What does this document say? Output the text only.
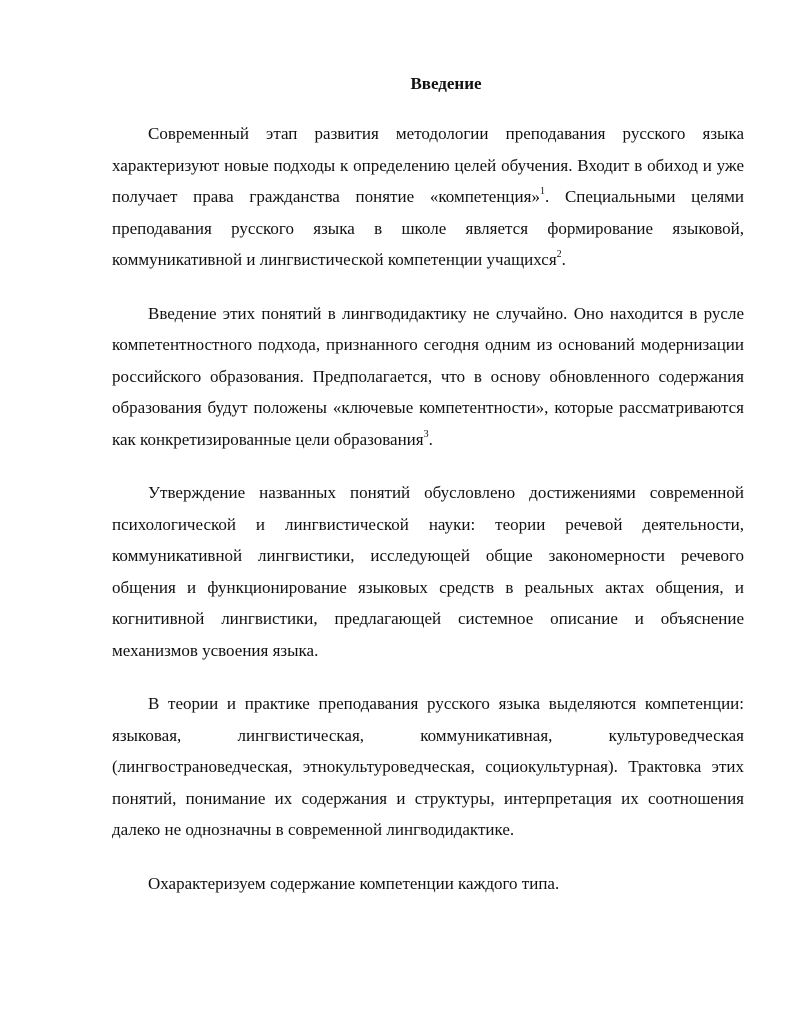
Введение

Современный этап развития методологии преподавания русского языка характеризуют новые подходы к определению целей обучения. Входит в обиход и уже получает права гражданства понятие «компетенция»$^1$. Специальными целями преподавания русского языка в школе является формирование языковой, коммуникативной и лингвистической компетенции учащихся$^2$.

Введение этих понятий в лингводидактику не случайно. Оно находится в русле компетентностного подхода, признанного сегодня одним из оснований модернизации российского образования. Предполагается, что в основу обновленного содержания образования будут положены «ключевые компетентности», которые рассматриваются как конкретизированные цели образования$^3$.

Утверждение названных понятий обусловлено достижениями современной психологической и лингвистической науки: теории речевой деятельности, коммуникативной лингвистики, исследующей общие закономерности речевого общения и функционирование языковых средств в реальных актах общения, и когнитивной лингвистики, предлагающей системное описание и объяснение механизмов усвоения языка.

В теории и практике преподавания русского языка выделяются компетенции: языковая, лингвистическая, коммуникативная, культуроведческая (лингвострановедческая, этнокультуроведческая, социокультурная). Трактовка этих понятий, понимание их содержания и структуры, интерпретация их соотношения далеко не однозначны в современной лингводидактике.

Охарактеризуем содержание компетенции каждого типа.
